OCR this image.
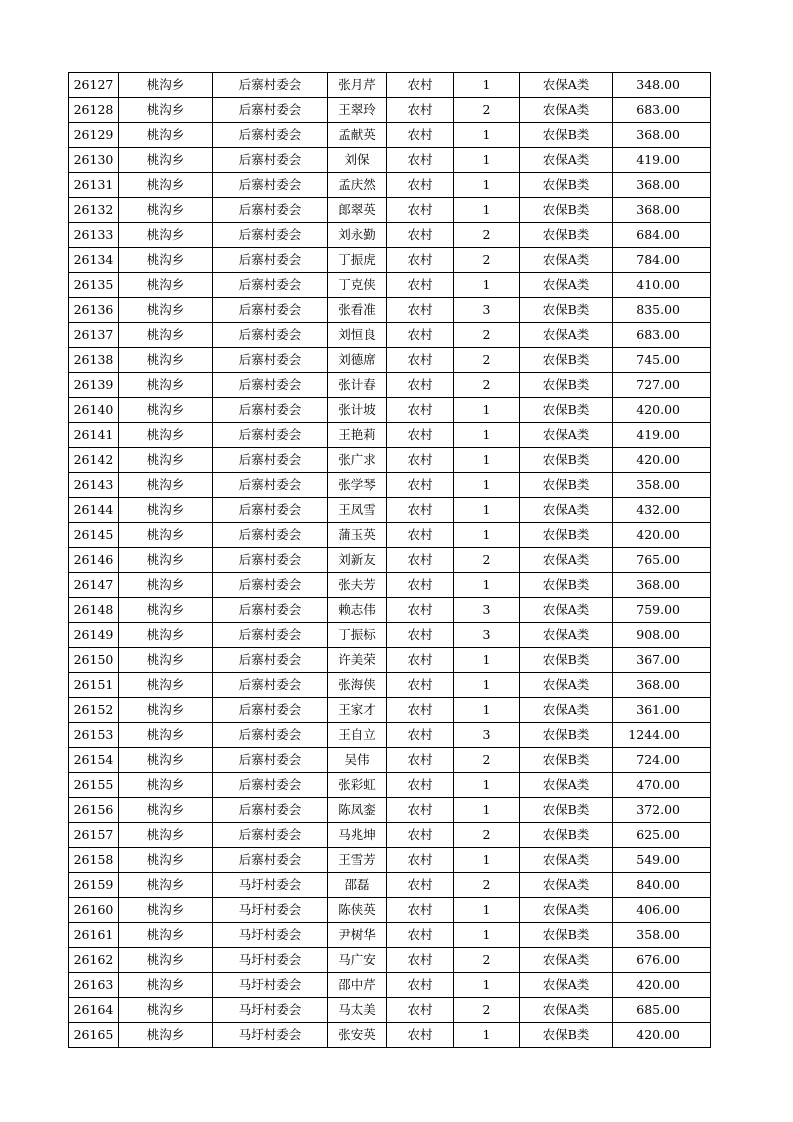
26127	桃沟乡	后寨村委会	张月芹	农村	1	农保A类	348.00
26128	桃沟乡	后寨村委会	王翠玲	农村	2	农保A类	683.00
26129	桃沟乡	后寨村委会	孟献英	农村	1	农保B类	368.00
26130	桃沟乡	后寨村委会	刘保	农村	1	农保A类	419.00
26131	桃沟乡	后寨村委会	孟庆然	农村	1	农保B类	368.00
26132	桃沟乡	后寨村委会	郎翠英	农村	1	农保B类	368.00
26133	桃沟乡	后寨村委会	刘永勤	农村	2	农保B类	684.00
26134	桃沟乡	后寨村委会	丁振虎	农村	2	农保A类	784.00
26135	桃沟乡	后寨村委会	丁克侠	农村	1	农保A类	410.00
26136	桃沟乡	后寨村委会	张看准	农村	3	农保B类	835.00
26137	桃沟乡	后寨村委会	刘恒良	农村	2	农保A类	683.00
26138	桃沟乡	后寨村委会	刘德席	农村	2	农保B类	745.00
26139	桃沟乡	后寨村委会	张计春	农村	2	农保B类	727.00
26140	桃沟乡	后寨村委会	张计坡	农村	1	农保B类	420.00
26141	桃沟乡	后寨村委会	王艳莉	农村	1	农保A类	419.00
26142	桃沟乡	后寨村委会	张广求	农村	1	农保B类	420.00
26143	桃沟乡	后寨村委会	张学琴	农村	1	农保B类	358.00
26144	桃沟乡	后寨村委会	王凤雪	农村	1	农保A类	432.00
26145	桃沟乡	后寨村委会	蒲玉英	农村	1	农保B类	420.00
26146	桃沟乡	后寨村委会	刘新友	农村	2	农保A类	765.00
26147	桃沟乡	后寨村委会	张夫芳	农村	1	农保B类	368.00
26148	桃沟乡	后寨村委会	赖志伟	农村	3	农保A类	759.00
26149	桃沟乡	后寨村委会	丁振标	农村	3	农保A类	908.00
26150	桃沟乡	后寨村委会	许美荣	农村	1	农保B类	367.00
26151	桃沟乡	后寨村委会	张海侠	农村	1	农保A类	368.00
26152	桃沟乡	后寨村委会	王家才	农村	1	农保A类	361.00
26153	桃沟乡	后寨村委会	王自立	农村	3	农保B类	1244.00
26154	桃沟乡	后寨村委会	吴伟	农村	2	农保B类	724.00
26155	桃沟乡	后寨村委会	张彩虹	农村	1	农保A类	470.00
26156	桃沟乡	后寨村委会	陈凤銮	农村	1	农保B类	372.00
26157	桃沟乡	后寨村委会	马兆坤	农村	2	农保B类	625.00
26158	桃沟乡	后寨村委会	王雪芳	农村	1	农保A类	549.00
26159	桃沟乡	马圩村委会	邵磊	农村	2	农保A类	840.00
26160	桃沟乡	马圩村委会	陈侠英	农村	1	农保A类	406.00
26161	桃沟乡	马圩村委会	尹树华	农村	1	农保B类	358.00
26162	桃沟乡	马圩村委会	马广安	农村	2	农保A类	676.00
26163	桃沟乡	马圩村委会	邵中芹	农村	1	农保A类	420.00
26164	桃沟乡	马圩村委会	马太美	农村	2	农保A类	685.00
26165	桃沟乡	马圩村委会	张安英	农村	1	农保B类	420.00
